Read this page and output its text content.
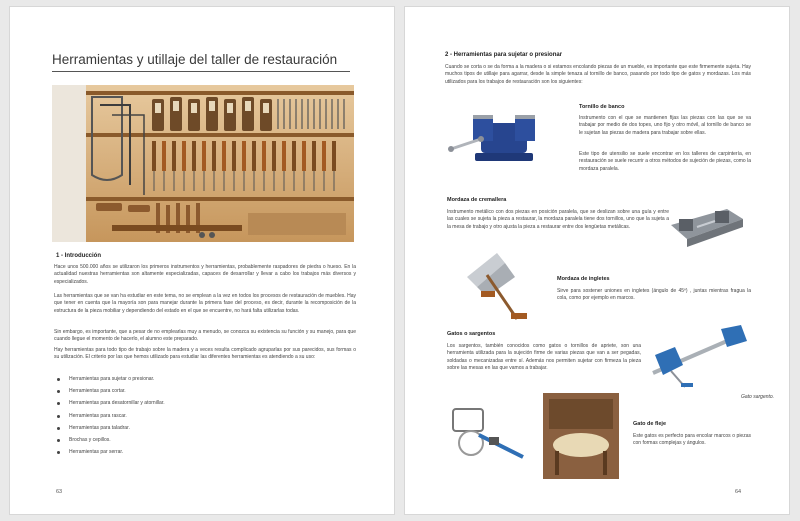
Herramientas y utillaje del taller de restauración
1 - Introducción
Hace unos 500.000 años se utilizaron los primeros instrumentos y herramientas, probablemente raspadores de piedra o hueso. En la actualidad nuestras herramientas son altamente especializadas, capaces de desarrollar y llevar a cabo los trabajos más diversos y especializados.
Las herramientas que se van ha estudiar en este tema, no se emplean a la vez en todos los procesos de restauración de muebles. Hay que tener en cuenta que la mayoría son para manejar durante la primera fase del proceso, es decir, durante la recomposición de la estructura de la pieza mobiliar y dependiendo del estado en el que se encuentre, no hará falta utilizarlas todas.
Sin embargo, es importante, que a pesar de no emplearlas muy a menudo, se conozca su existencia su función y su manejo, para que cuando llegue el momento de hacerlo, el alumno este preparado.
Hay herramientas para todo tipo de trabajo sobre la madera y a veces resulta complicado agruparlas por sus parecidos, sus formas o su utilización. El criterio por las que hemos utilizado para estudiar las diferentes herramientas es atendiendo a su uso:
Herramientas para sujetar o presionar.
Herramientas para cortar.
Herramientas para desatornillar y atornillar.
Herramientas para rascar.
Herramientas para taladrar.
Brochas y cepillos.
Herramientas par serrar.
63
2 - Herramientas para sujetar o presionar
Cuando se corta o se da forma a la madera o si estamos encolando piezas de un mueble, es importante que este firmemente sujeta. Hay muchos tipos de utillaje para agarrar, desde la simple tenaza al tornillo de banco, pasando por todo tipo de gatos y mordazas. Los más utilizados para los trabajos de restauración son los siguientes:
Tornillo de banco
Instrumento con el que se mantienen fijas las piezas con las que se va trabajar por medio de dos topes, uno fijo y otro móvil, al tornillo de banco se le sujetan las piezas de madera para trabajar sobre ellas.
Este tipo de utensilio se suele encontrar en los talleres de carpintería, en restauración se suele recurrir a otros métodos de sujeción de piezas, como la mordaza paralela.
Mordaza de cremallera
Instrumento metálico con dos piezas en posición paralela, que se deslizan sobre una guía y entre las cuales se sujeta la pieza a restaurar, la mordaza paralela tiene dos tornillos, uno que la sujeta a la mesa de trabajo y otro ajusta la pieza a restaurar entre dos lengüetas metálicas.
Mordaza de ingletes
Sirve para sostener uniones en ingletes (ángulo de 45º) , juntas mientras fragua la cola, como por ejemplo en marcos.
Gatos o sargentos
Los sargentos, también conocidos como gatos o tornillos de apriete, son una herramienta utilizada para la sujeción firme de varias piezas que van a ser pegadas, soldadas o mecanizadas entre sí. Además nos permiten sujetar con firmeza la pieza sobre las mesas en las que vamos a trabajar.
Gato sargento.
Gato de fleje
Este gatos es perfecto para encolar marcos o piezas con formas complejas y ángulos.
64
